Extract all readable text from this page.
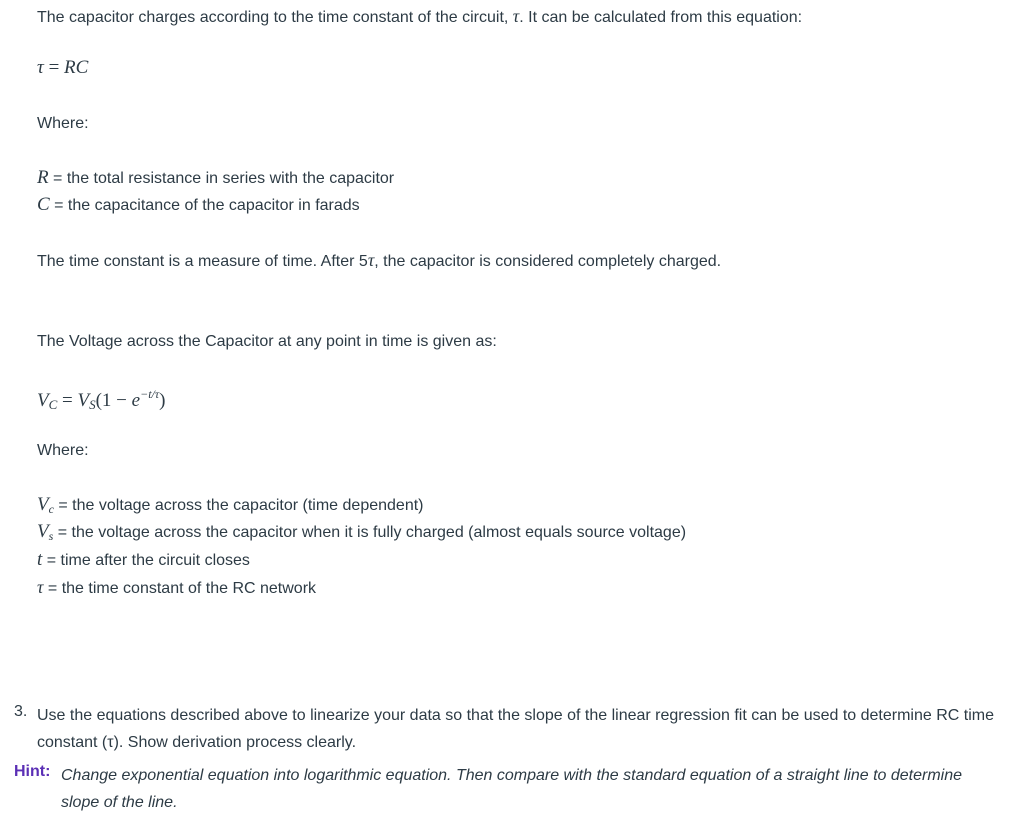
The capacitor charges according to the time constant of the circuit, τ. It can be calculated from this equation:
τ = RC
Where:
R = the total resistance in series with the capacitor
C = the capacitance of the capacitor in farads
The time constant is a measure of time. After 5τ, the capacitor is considered completely charged.
The Voltage across the Capacitor at any point in time is given as:
$V_C = V_S(1 - e^{-t/\tau})$
Where:
$V_c$ = the voltage across the capacitor (time dependent)
$V_s$ = the voltage across the capacitor when it is fully charged (almost equals source voltage)
t = time after the circuit closes
τ = the time constant of the RC network
3. Use the equations described above to linearize your data so that the slope of the linear regression fit can be used to determine RC time constant (τ). Show derivation process clearly.
Hint: Change exponential equation into logarithmic equation. Then compare with the standard equation of a straight line to determine slope of the line.
